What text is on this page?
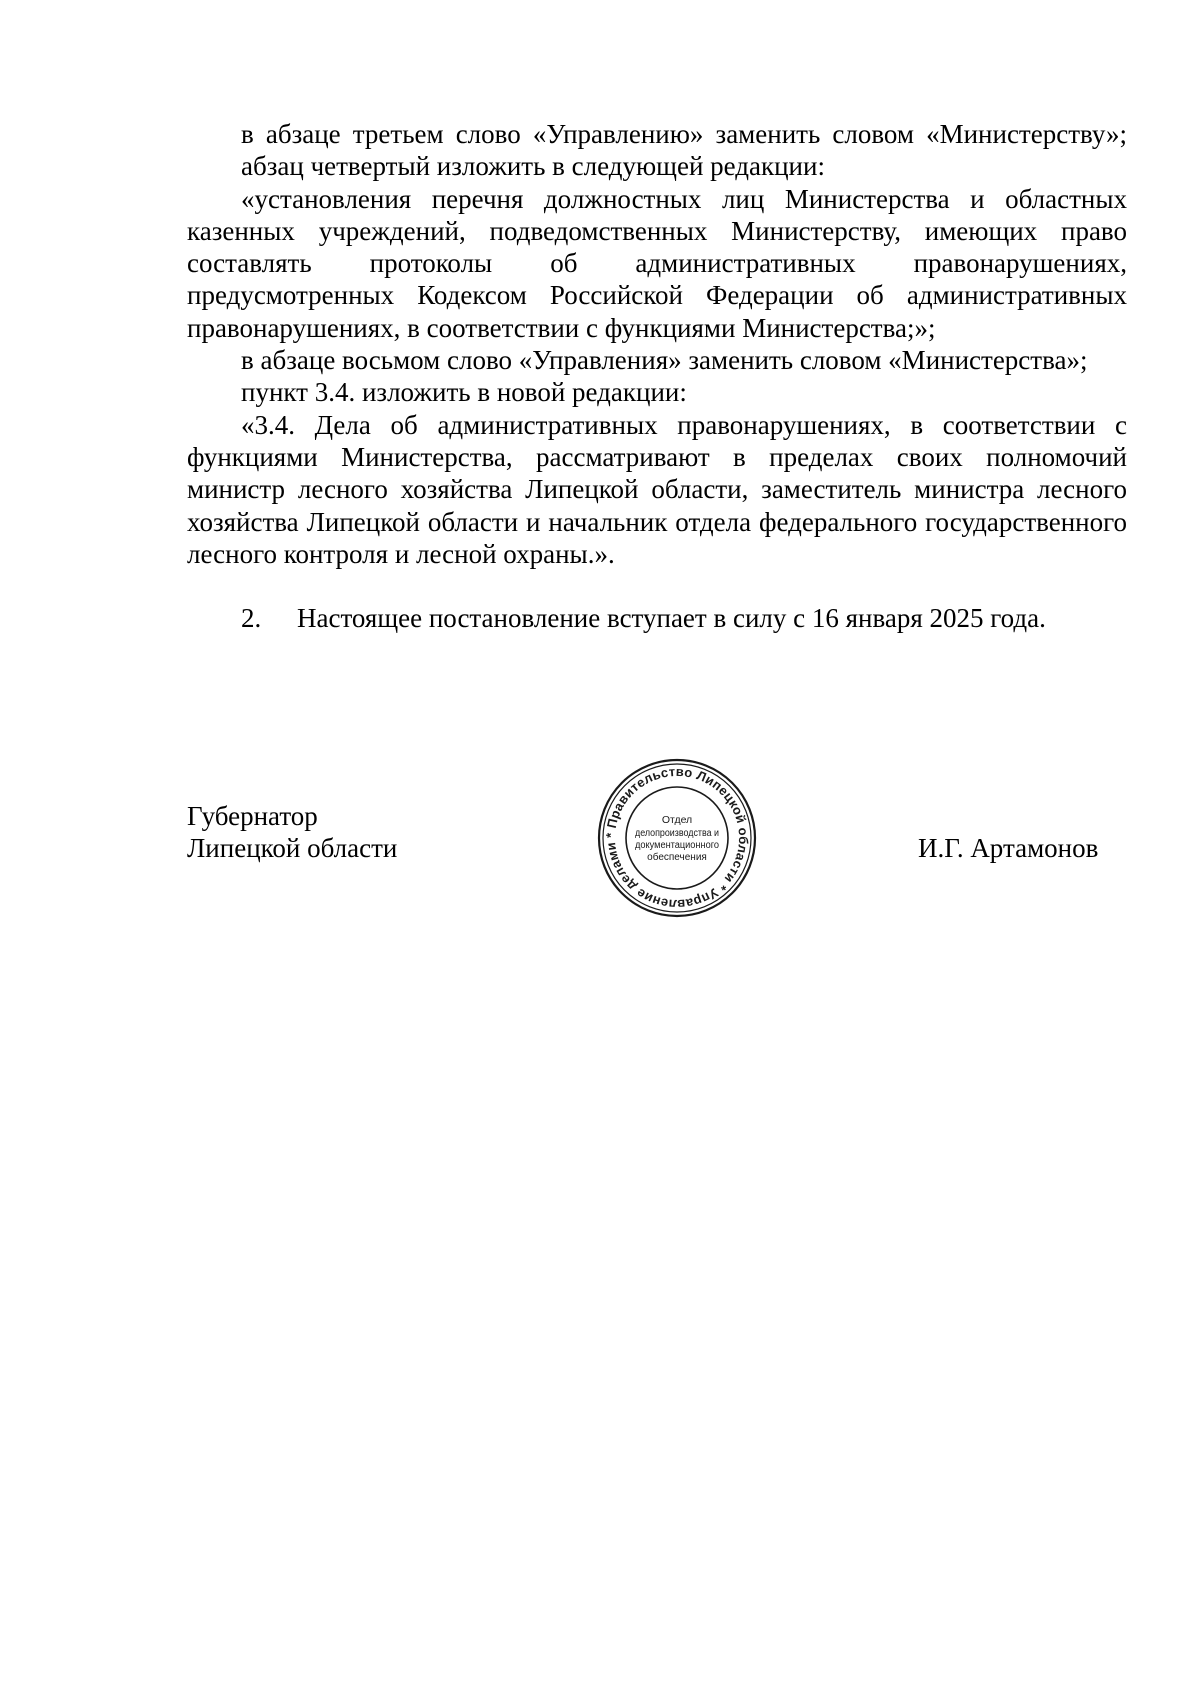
в абзаце третьем слово «Управлению» заменить словом «Министерству»;

абзац четвертый изложить в следующей редакции:

«установления перечня должностных лиц Министерства и областных казенных учреждений, подведомственных Министерству, имеющих право составлять протоколы об административных правонарушениях, предусмотренных Кодексом Российской Федерации об административных правонарушениях, в соответствии с функциями Министерства;»;

в абзаце восьмом слово «Управления» заменить словом «Министерства»;

пункт 3.4. изложить в новой редакции:

«3.4. Дела об административных правонарушениях, в соответствии с функциями Министерства, рассматривают в пределах своих полномочий министр лесного хозяйства Липецкой области, заместитель министра лесного хозяйства Липецкой области и начальник отдела федерального государственного лесного контроля и лесной охраны.».

2. Настоящее постановление вступает в силу с 16 января 2025 года.

Губернатор
Липецкой области	* Правительство Липецкой области * Управление делами
Отдел
делопроизводства и
документационного
обеспечения	И.Г. Артамонов
